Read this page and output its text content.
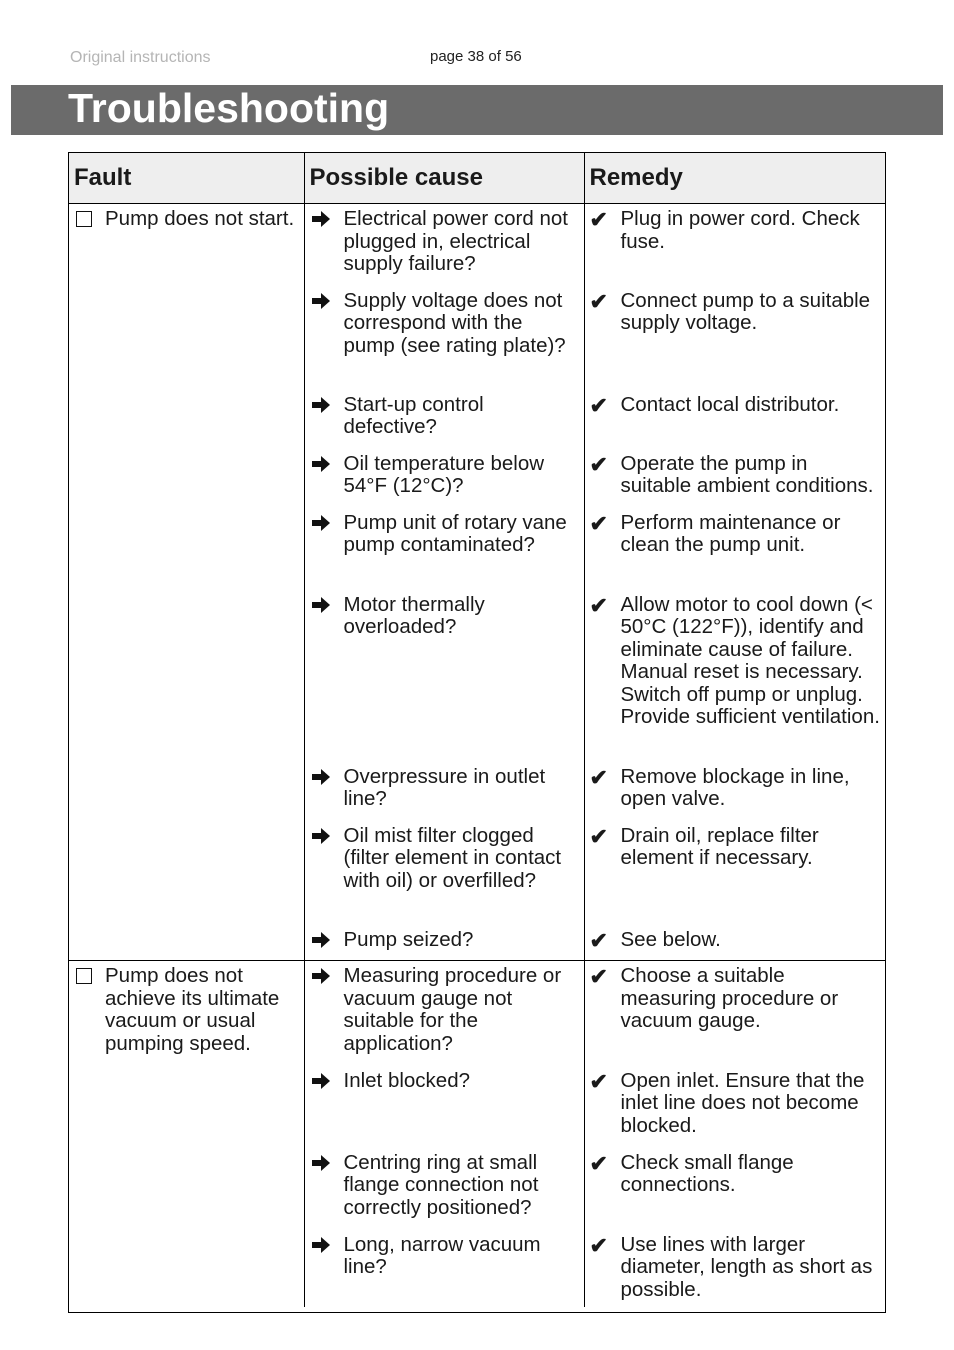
Original instructions	page 38 of 56
Troubleshooting
Fault	Possible cause	Remedy

Pump does not start.	Electrical power cord not plugged in, electrical supply failure?	✔ Plug in power cord. Check fuse.

	Supply voltage does not correspond with the pump (see rating plate)?	✔ Connect pump to a suitable supply voltage.

	Start-up control defective?	✔ Contact local distributor.

	Oil temperature below 54°F (12°C)?	✔ Operate the pump in suitable ambient conditions.

	Pump unit of rotary vane pump contaminated?	✔ Perform maintenance or clean the pump unit.

	Motor thermally overloaded?	✔ Allow motor to cool down (< 50°C (122°F)), identify and eliminate cause of failure. Manual reset is necessary. Switch off pump or unplug. Provide sufficient ventilation.

	Overpressure in outlet line?	✔ Remove blockage in line, open valve.

	Oil mist filter clogged (filter element in contact with oil) or overfilled?	✔ Drain oil, replace filter element if necessary.

	Pump seized?	✔ See below.

Pump does not achieve its ultimate vacuum or usual pumping speed.	Measuring procedure or vacuum gauge not suitable for the application?	✔ Choose a suitable measuring procedure or vacuum gauge.

	Inlet blocked?	✔ Open inlet. Ensure that the inlet line does not become blocked.

	Centring ring at small flange connection not correctly positioned?	✔ Check small flange connections.

	Long, narrow vacuum line?	✔ Use lines with larger diameter, length as short as possible.
